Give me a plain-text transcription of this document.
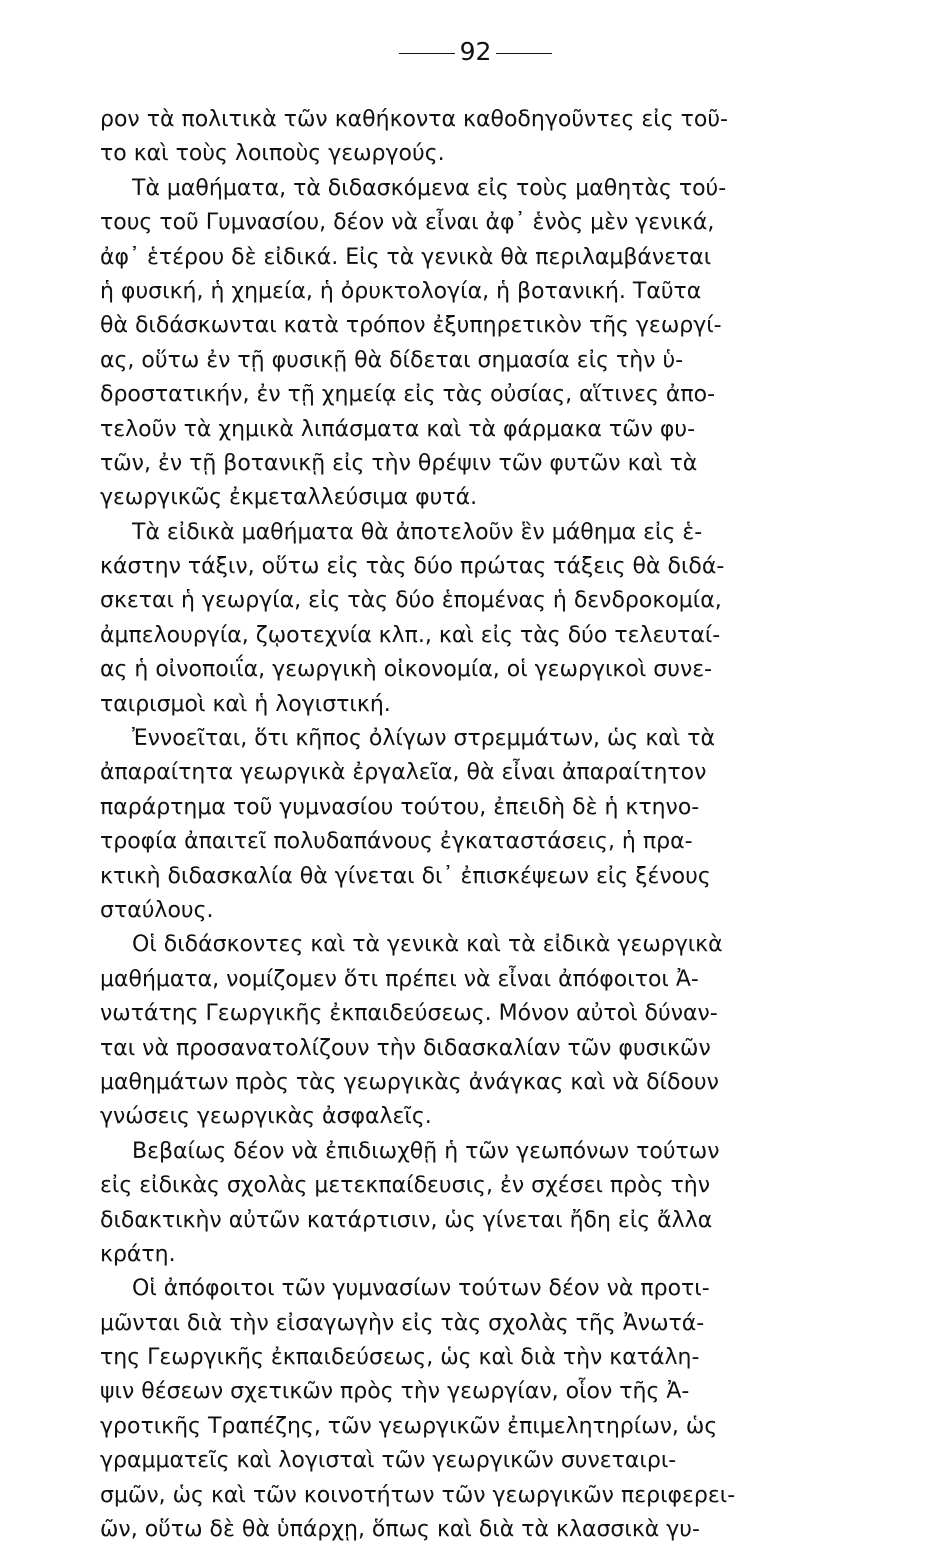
92
ρον τὰ πολιτικὰ τῶν καθήκοντα καθοδηγοῦντες εἰς τοῦ-
το καὶ τοὺς λοιποὺς γεωργούς.
Τὰ μαθήματα, τὰ διδασκόμενα εἰς τοὺς μαθητὰς τού-
τους τοῦ Γυμνασίου, δέον νὰ εἶναι ἀφ᾽ ἑνὸς μὲν γενικά,
ἀφ᾽ ἑτέρου δὲ εἰδικά. Εἰς τὰ γενικὰ θὰ περιλαμβάνεται
ἡ φυσική, ἡ χημεία, ἡ ὀρυκτολογία, ἡ βοτανική. Ταῦτα
θὰ διδάσκωνται κατὰ τρόπον ἐξυπηρετικὸν τῆς γεωργί-
ας, οὕτω ἐν τῇ φυσικῇ θὰ δίδεται σημασία εἰς τὴν ὑ-
δροστατικήν, ἐν τῇ χημείᾳ εἰς τὰς οὐσίας, αἵτινες ἀπο-
τελοῦν τὰ χημικὰ λιπάσματα καὶ τὰ φάρμακα τῶν φυ-
τῶν, ἐν τῇ βοτανικῇ εἰς τὴν θρέψιν τῶν φυτῶν καὶ τὰ
γεωργικῶς ἐκμεταλλεύσιμα φυτά.
Τὰ εἰδικὰ μαθήματα θὰ ἀποτελοῦν ἓν μάθημα εἰς ἑ-
κάστην τάξιν, οὕτω εἰς τὰς δύο πρώτας τάξεις θὰ διδά-
σκεται ἡ γεωργία, εἰς τὰς δύο ἑπομένας ἡ δενδροκομία,
ἀμπελουργία, ζῳοτεχνία κλπ., καὶ εἰς τὰς δύο τελευταί-
ας ἡ οἰνοποιΐα, γεωργικὴ οἰκονομία, οἱ γεωργικοὶ συνε-
ταιρισμοὶ καὶ ἡ λογιστική.
Ἐννοεῖται, ὅτι κῆπος ὀλίγων στρεμμάτων, ὡς καὶ τὰ
ἀπαραίτητα γεωργικὰ ἐργαλεῖα, θὰ εἶναι ἀπαραίτητον
παράρτημα τοῦ γυμνασίου τούτου, ἐπειδὴ δὲ ἡ κτηνο-
τροφία ἀπαιτεῖ πολυδαπάνους ἐγκαταστάσεις, ἡ πρα-
κτικὴ διδασκαλία θὰ γίνεται δι᾽ ἐπισκέψεων εἰς ξένους
σταύλους.
Οἱ διδάσκοντες καὶ τὰ γενικὰ καὶ τὰ εἰδικὰ γεωργικὰ
μαθήματα, νομίζομεν ὅτι πρέπει νὰ εἶναι ἀπόφοιτοι Ἀ-
νωτάτης Γεωργικῆς ἐκπαιδεύσεως. Μόνον αὐτοὶ δύναν-
ται νὰ προσανατολίζουν τὴν διδασκαλίαν τῶν φυσικῶν
μαθημάτων πρὸς τὰς γεωργικὰς ἀνάγκας καὶ νὰ δίδουν
γνώσεις γεωργικὰς ἀσφαλεῖς.
Βεβαίως δέον νὰ ἐπιδιωχθῇ ἡ τῶν γεωπόνων τούτων
εἰς εἰδικὰς σχολὰς μετεκπαίδευσις, ἐν σχέσει πρὸς τὴν
διδακτικὴν αὐτῶν κατάρτισιν, ὡς γίνεται ἤδη εἰς ἄλλα
κράτη.
Οἱ ἀπόφοιτοι τῶν γυμνασίων τούτων δέον νὰ προτι-
μῶνται διὰ τὴν εἰσαγωγὴν εἰς τὰς σχολὰς τῆς Ἀνωτά-
της Γεωργικῆς ἐκπαιδεύσεως, ὡς καὶ διὰ τὴν κατάλη-
ψιν θέσεων σχετικῶν πρὸς τὴν γεωργίαν, οἷον τῆς Ἀ-
γροτικῆς Τραπέζης, τῶν γεωργικῶν ἐπιμελητηρίων, ὡς
γραμματεῖς καὶ λογισταὶ τῶν γεωργικῶν συνεταιρι-
σμῶν, ὡς καὶ τῶν κοινοτήτων τῶν γεωργικῶν περιφερει-
ῶν, οὕτω δὲ θὰ ὑπάρχῃ, ὅπως καὶ διὰ τὰ κλασσικὰ γυ-
